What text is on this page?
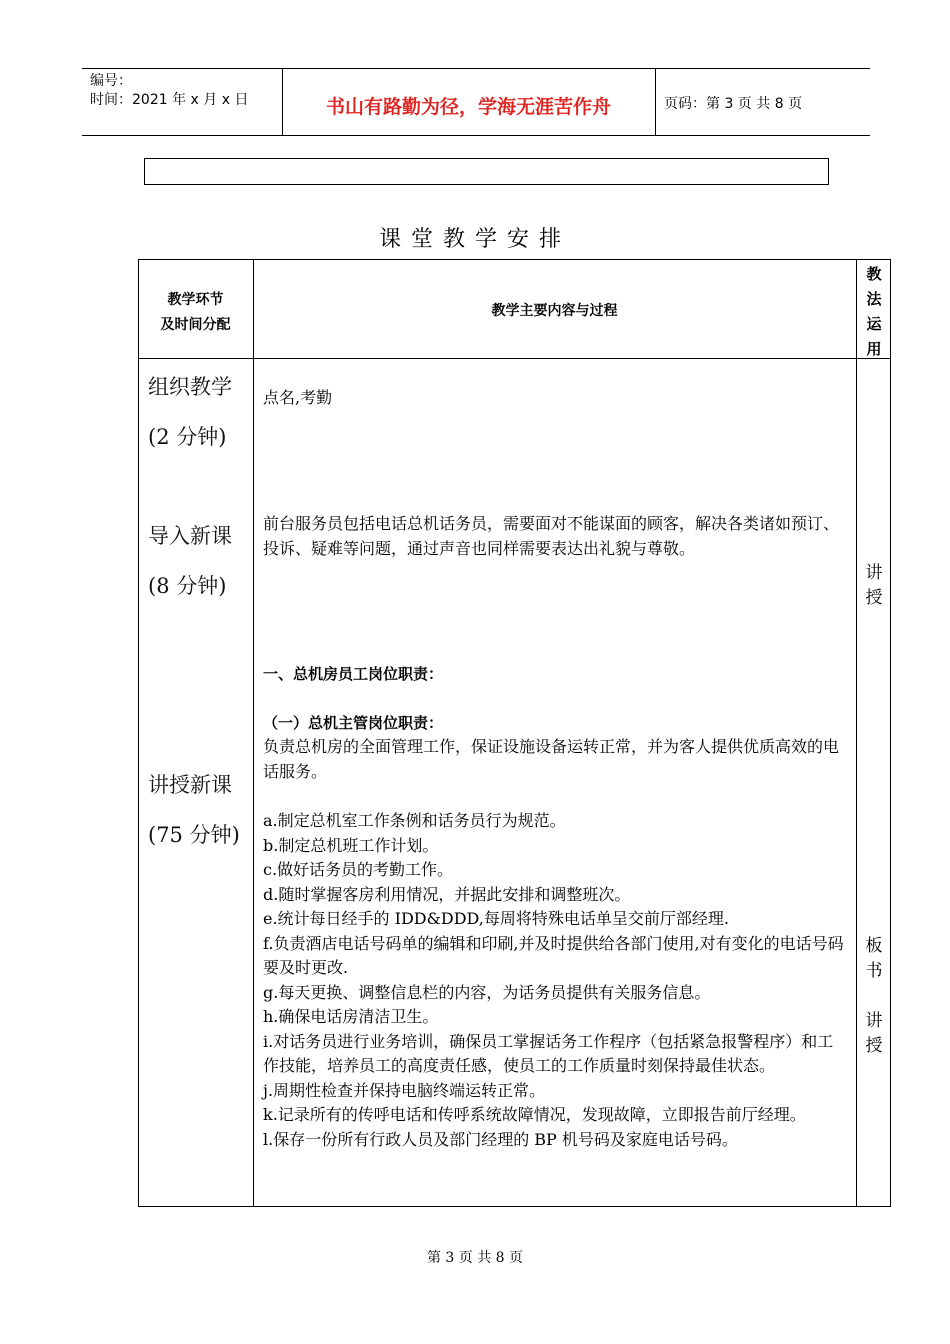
编号：
时间：2021 年 x 月 x 日	书山有路勤为径，学海无涯苦作舟	页码：第 3 页 共 8 页
课堂教学安排
教学环节
及时间分配
教学主要内容与过程
教
法
运
用
组织教学
(2 分钟)
导入新课
(8 分钟)
讲授新课
(75 分钟)
点名,考勤
前台服务员包括电话总机话务员，需要面对不能谋面的顾客，解决各类诸如预订、投诉、疑难等问题，通过声音也同样需要表达出礼貌与尊敬。
一、总机房员工岗位职责：
（一）总机主管岗位职责：
负责总机房的全面管理工作，保证设施设备运转正常，并为客人提供优质高效的电话服务。
a.制定总机室工作条例和话务员行为规范。
b.制定总机班工作计划。
c.做好话务员的考勤工作。
d.随时掌握客房利用情况，并据此安排和调整班次。
e.统计每日经手的 IDD&DDD,每周将特殊电话单呈交前厅部经理.
f.负责酒店电话号码单的编辑和印刷,并及时提供给各部门使用,对有变化的电话号码要及时更改.
g.每天更换、调整信息栏的内容，为话务员提供有关服务信息。
h.确保电话房清洁卫生。
i.对话务员进行业务培训，确保员工掌握话务工作程序（包括紧急报警程序）和工作技能，培养员工的高度责任感，使员工的工作质量时刻保持最佳状态。
j.周期性检查并保持电脑终端运转正常。
k.记录所有的传呼电话和传呼系统故障情况，发现故障，立即报告前厅经理。
l.保存一份所有行政人员及部门经理的 BP 机号码及家庭电话号码。
讲
授
板
书
讲
授
第 3 页 共 8 页
